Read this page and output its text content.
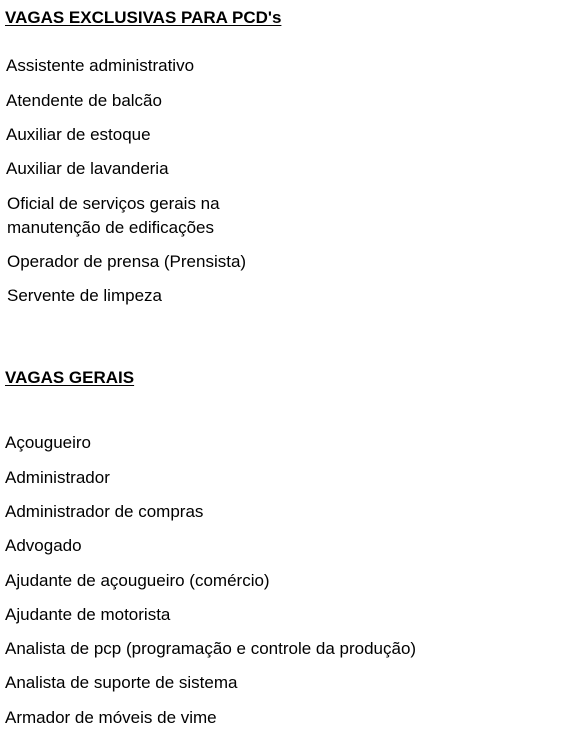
VAGAS EXCLUSIVAS PARA PCD's
Assistente administrativo
Atendente de balcão
Auxiliar de estoque
Auxiliar de lavanderia
Oficial de serviços gerais na
manutenção de edificações
Operador de prensa (Prensista)
Servente de limpeza
VAGAS GERAIS
Açougueiro
Administrador
Administrador de compras
Advogado
Ajudante de açougueiro (comércio)
Ajudante de motorista
Analista de pcp (programação e controle da produção)
Analista de suporte de sistema
Armador de móveis de vime
